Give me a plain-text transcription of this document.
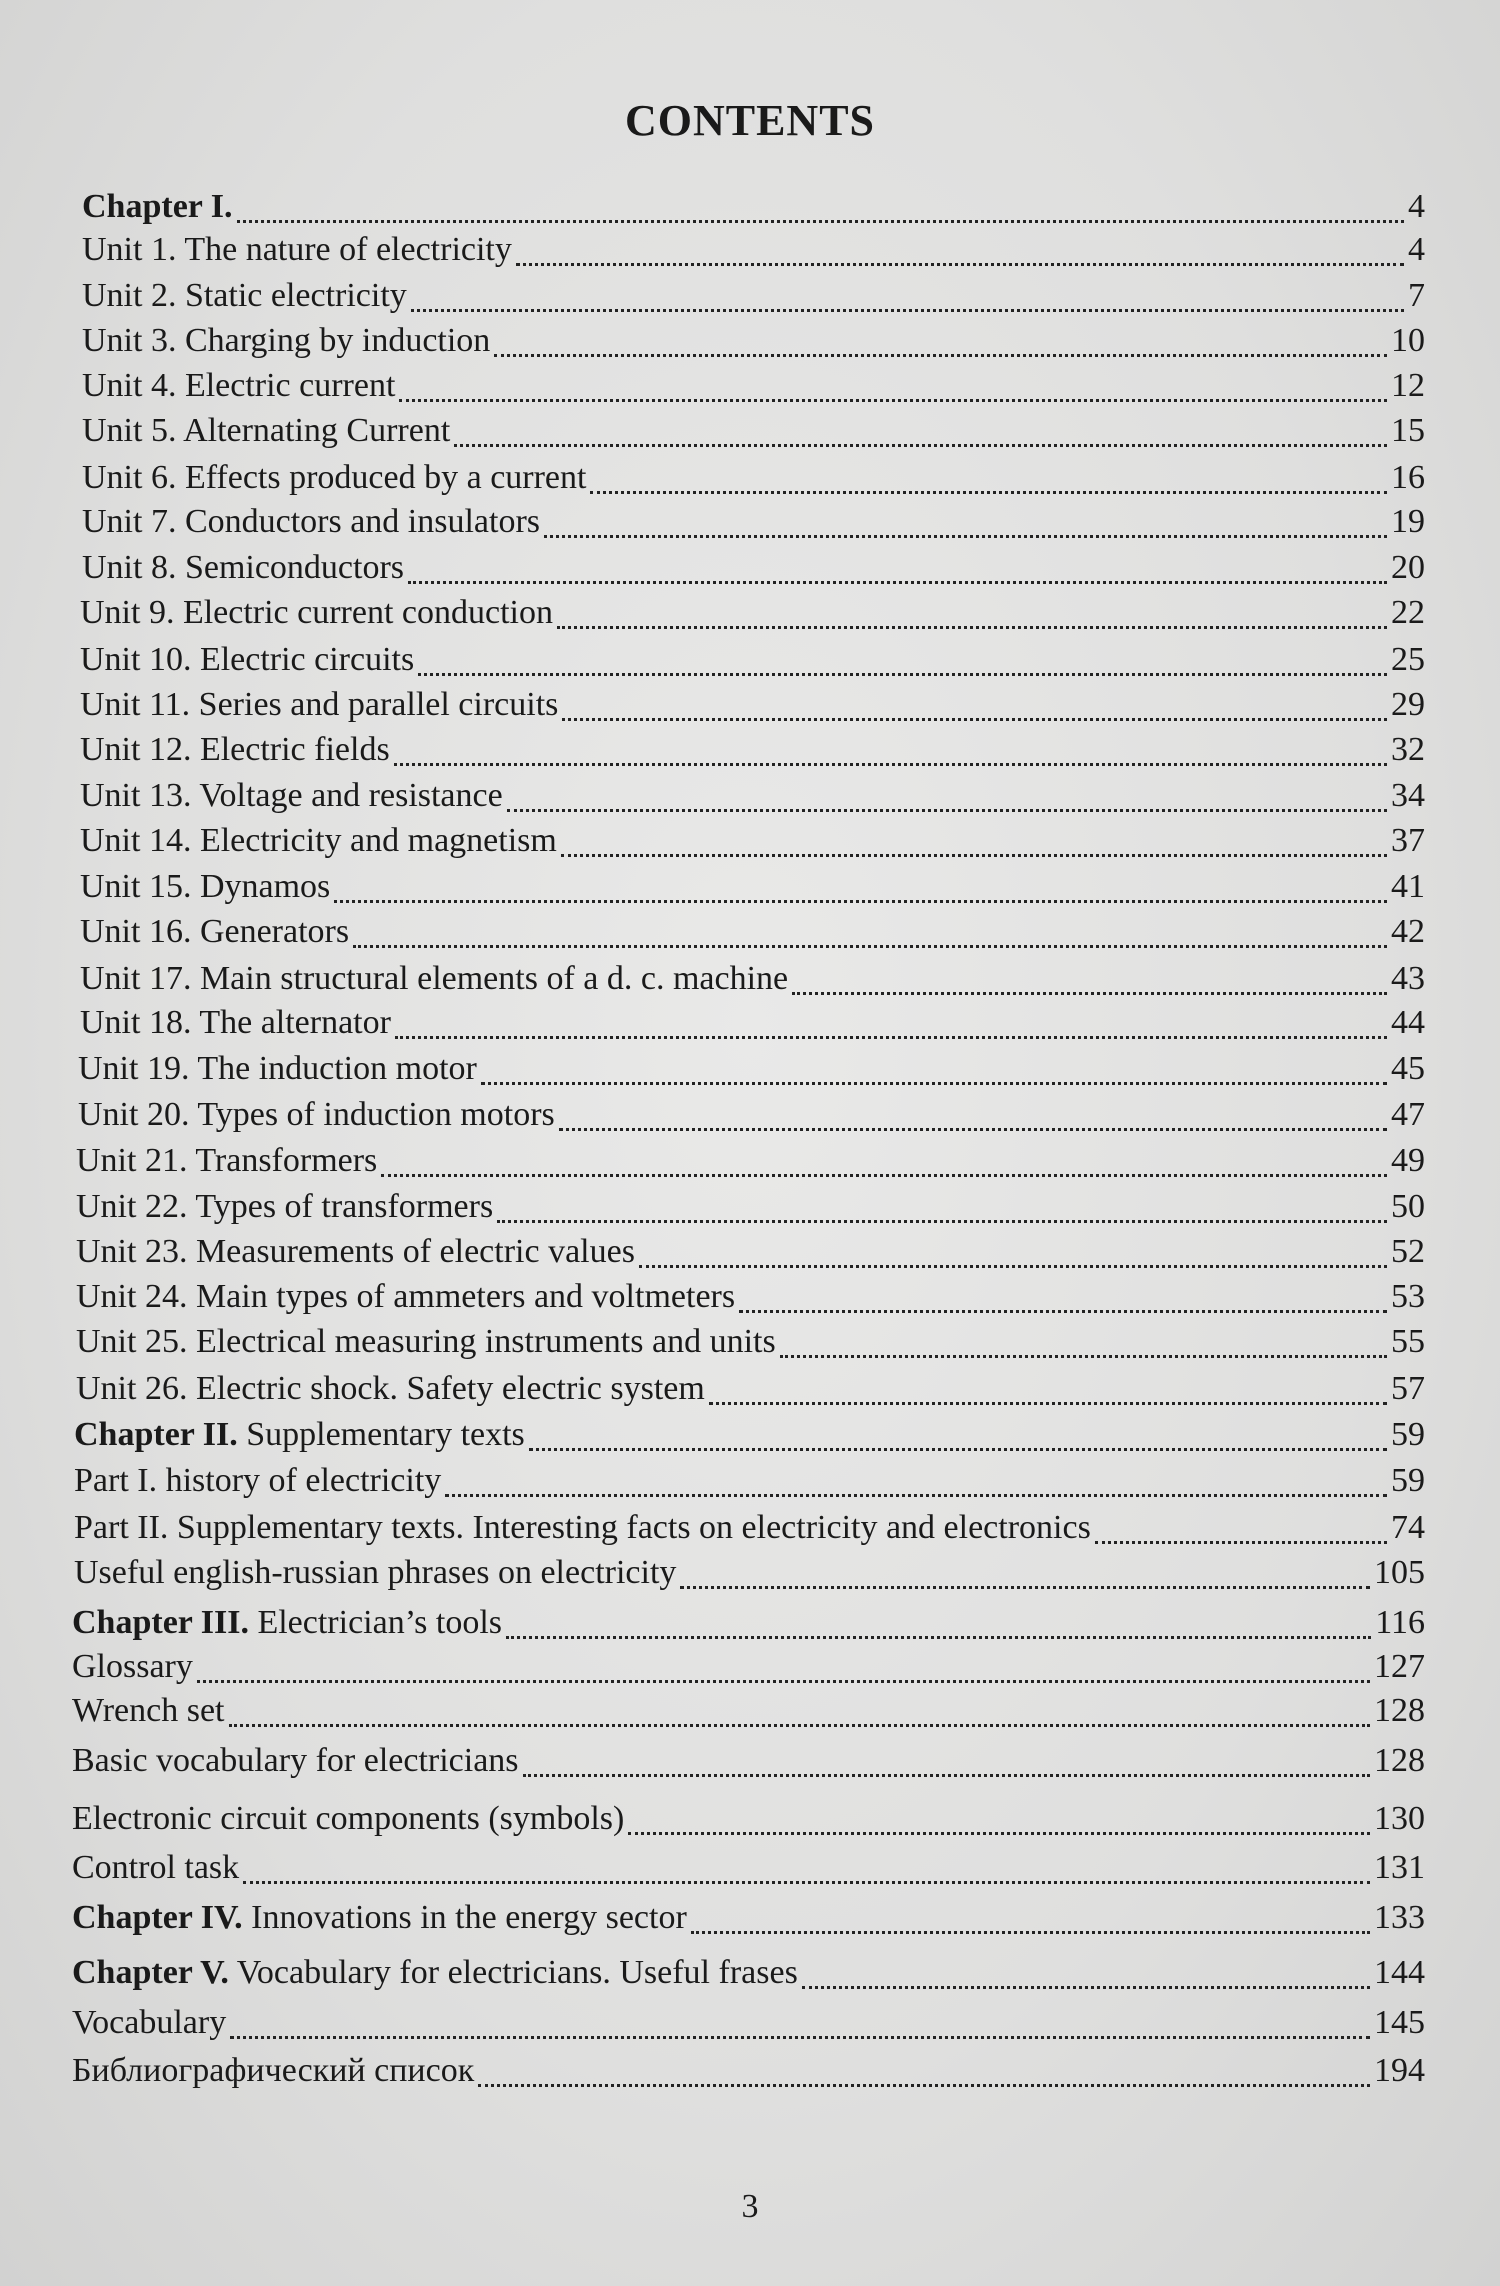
CONTENTS
Chapter I.	4
Unit 1. The nature of electricity	4
Unit 2. Static electricity	7
Unit 3. Charging by induction	10
Unit 4. Electric current	12
Unit 5. Alternating Current	15
Unit 6. Effects produced by a current	16
Unit 7. Conductors and insulators	19
Unit 8. Semiconductors	20
Unit 9. Electric current conduction	22
Unit 10. Electric circuits	25
Unit 11. Series and parallel circuits	29
Unit 12. Electric fields	32
Unit 13. Voltage and resistance	34
Unit 14. Electricity and magnetism	37
Unit 15. Dynamos	41
Unit 16. Generators	42
Unit 17. Main structural elements of a d. c. machine	43
Unit 18. The alternator	44
Unit 19. The induction motor	45
Unit 20. Types of induction motors	47
Unit 21. Transformers	49
Unit 22. Types of transformers	50
Unit 23. Measurements of electric values	52
Unit 24. Main types of ammeters and voltmeters	53
Unit 25. Electrical measuring instruments and units	55
Unit 26. Electric shock. Safety electric system	57
Chapter II. Supplementary texts	59
Part I. history of electricity	59
Part II. Supplementary texts. Interesting facts on electricity and electronics	74
Useful english-russian phrases on electricity	105
Chapter III. Electrician’s tools	116
Glossary	127
Wrench set	128
Basic vocabulary for electricians	128
Electronic circuit components (symbols)	130
Control task	131
Chapter IV. Innovations in the energy sector	133
Chapter V. Vocabulary for electricians. Useful frases	144
Vocabulary	145
Библиографический список	194
3
